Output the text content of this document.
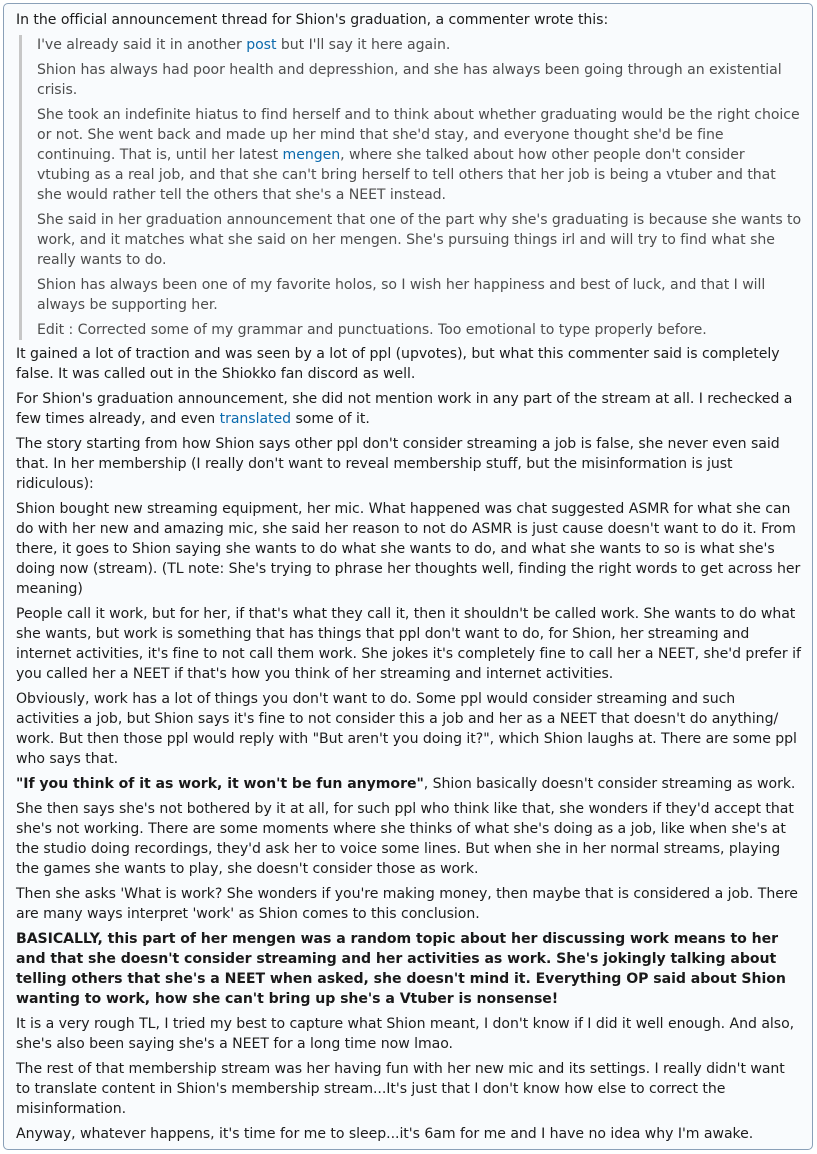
In the official announcement thread for Shion's graduation, a commenter wrote this:

I've already said it in another post but I'll say it here again.

Shion has always had poor health and depresshion, and she has always been going through an existential crisis.

She took an indefinite hiatus to find herself and to think about whether graduating would be the right choice or not. She went back and made up her mind that she'd stay, and everyone thought she'd be fine continuing. That is, until her latest mengen, where she talked about how other people don't consider vtubing as a real job, and that she can't bring herself to tell others that her job is being a vtuber and that she would rather tell the others that she's a NEET instead.

She said in her graduation announcement that one of the part why she's graduating is because she wants to work, and it matches what she said on her mengen. She's pursuing things irl and will try to find what she really wants to do.

Shion has always been one of my favorite holos, so I wish her happiness and best of luck, and that I will always be supporting her.

Edit : Corrected some of my grammar and punctuations. Too emotional to type properly before.

It gained a lot of traction and was seen by a lot of ppl (upvotes), but what this commenter said is completely false. It was called out in the Shiokko fan discord as well.

For Shion's graduation announcement, she did not mention work in any part of the stream at all. I rechecked a few times already, and even translated some of it.

The story starting from how Shion says other ppl don't consider streaming a job is false, she never even said that. In her membership (I really don't want to reveal membership stuff, but the misinformation is just ridiculous):

Shion bought new streaming equipment, her mic. What happened was chat suggested ASMR for what she can do with her new and amazing mic, she said her reason to not do ASMR is just cause doesn't want to do it. From there, it goes to Shion saying she wants to do what she wants to do, and what she wants to so is what she's doing now (stream). (TL note: She's trying to phrase her thoughts well, finding the right words to get across her meaning)

People call it work, but for her, if that's what they call it, then it shouldn't be called work. She wants to do what she wants, but work is something that has things that ppl don't want to do, for Shion, her streaming and internet activities, it's fine to not call them work. She jokes it's completely fine to call her a NEET, she'd prefer if you called her a NEET if that's how you think of her streaming and internet activities.

Obviously, work has a lot of things you don't want to do. Some ppl would consider streaming and such activities a job, but Shion says it's fine to not consider this a job and her as a NEET that doesn't do anything/ work. But then those ppl would reply with "But aren't you doing it?", which Shion laughs at. There are some ppl who says that.

"If you think of it as work, it won't be fun anymore", Shion basically doesn't consider streaming as work.

She then says she's not bothered by it at all, for such ppl who think like that, she wonders if they'd accept that she's not working. There are some moments where she thinks of what she's doing as a job, like when she's at the studio doing recordings, they'd ask her to voice some lines. But when she in her normal streams, playing the games she wants to play, she doesn't consider those as work.

Then she asks 'What is work? She wonders if you're making money, then maybe that is considered a job. There are many ways interpret 'work' as Shion comes to this conclusion.

BASICALLY, this part of her mengen was a random topic about her discussing work means to her and that she doesn't consider streaming and her activities as work. She's jokingly talking about telling others that she's a NEET when asked, she doesn't mind it. Everything OP said about Shion wanting to work, how she can't bring up she's a Vtuber is nonsense!

It is a very rough TL, I tried my best to capture what Shion meant, I don't know if I did it well enough. And also, she's also been saying she's a NEET for a long time now lmao.

The rest of that membership stream was her having fun with her new mic and its settings. I really didn't want to translate content in Shion's membership stream...It's just that I don't know how else to correct the misinformation.

Anyway, whatever happens, it's time for me to sleep...it's 6am for me and I have no idea why I'm awake.
